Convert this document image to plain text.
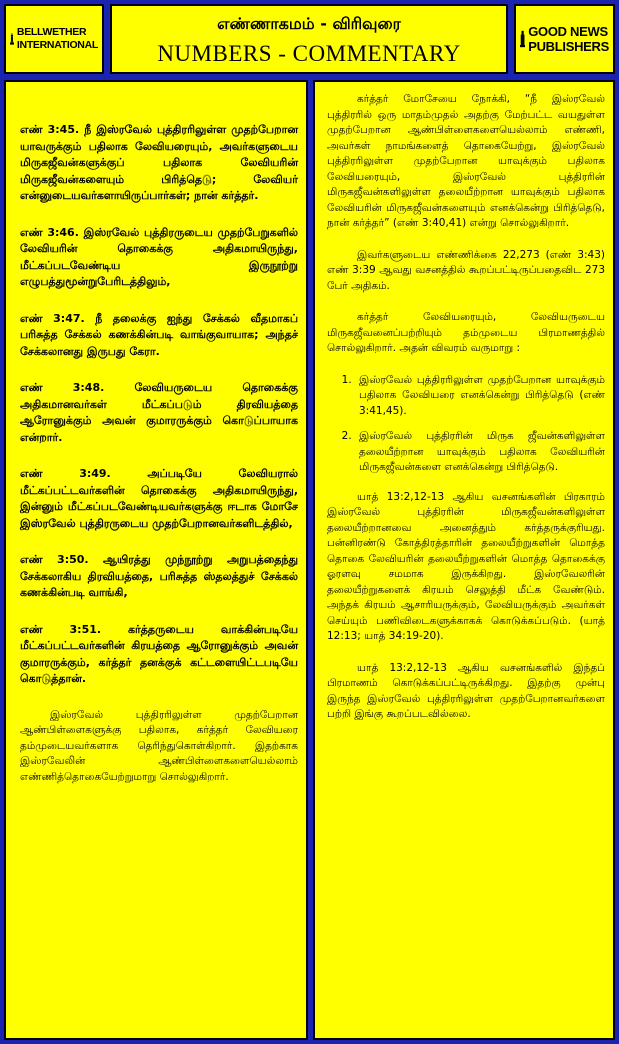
BELLWETHER
INTERNATIONAL
எண்ணாகமம் - விரிவுரை
NUMBERS - COMMENTARY
GOOD NEWS
PUBLISHERS

எண் 3:45. நீ இஸ்ரவேல் புத்திரரிலுள்ள முதற்பேறான யாவருக்கும் பதிலாக லேவியரையும், அவர்களுடைய மிருகஜீவன்களுக்குப் பதிலாக லேவியரின் மிருகஜீவன்களையும் பிரித்தெடு; லேவியர் என்னுடையவர்களாயிருப்பார்கள்; நான் கர்த்தர்.

எண் 3:46. இஸ்ரவேல் புத்திரருடைய முதற்பேறுகளில் லேவியரின் தொகைக்கு அதிகமாயிருந்து, மீட்கப்படவேண்டிய இருநூற்று எழுபத்துமூன்றுபேரிடத்திலும்,

எண் 3:47. நீ தலைக்கு ஐந்து சேக்கல் வீதமாகப் பரிசுத்த சேக்கல் கணக்கின்படி வாங்குவாயாக; அந்தச் சேக்கலானது இருபது கேரா.

எண் 3:48. லேவியருடைய தொகைக்கு அதிகமானவர்கள் மீட்கப்படும் திரவியத்தை ஆரோனுக்கும் அவன் குமாரருக்கும் கொடுப்பாயாக என்றார்.

எண் 3:49. அப்படியே லேவியரால் மீட்கப்பட்டவர்களின் தொகைக்கு அதிகமாயிருந்து, இன்னும் மீட்கப்படவேண்டியவர்களுக்கு ஈடாக மோசே இஸ்ரவேல் புத்திரருடைய முதற்பேறானவர்களிடத்தில்,

எண் 3:50. ஆயிரத்து முந்நூற்று அறுபத்தைந்து சேக்கலாகிய திரவியத்தை, பரிசுத்த ஸ்தலத்துச் சேக்கல் கணக்கின்படி வாங்கி,

எண் 3:51. கர்த்தருடைய வாக்கின்படியே மீட்கப்பட்டவர்களின் கிரயத்தை ஆரோனுக்கும் அவன் குமாரருக்கும், கர்த்தர் தனக்குக் கட்டளையிட்டபடியே கொடுத்தான்.

இஸ்ரவேல் புத்திரரிலுள்ள முதற்பேறான ஆண்பிள்ளைகளுக்கு பதிலாக, கர்த்தர் லேவியரை தம்முடையவர்களாக தெரிந்துகொள்கிறார். இதற்காக இஸ்ரவேலின் ஆண்பிள்ளைகளையெல்லாம் எண்ணித்தொகையேற்றுமாறு சொல்லுகிறார்.

கர்த்தர் மோசேயை நோக்கி, “நீ இஸ்ரவேல் புத்திரரில் ஒரு மாதம்முதல் அதற்கு மேற்பட்ட வயதுள்ள முதற்பேறான ஆண்பிள்ளைகளையெல்லாம் எண்ணி, அவர்கள் நாமங்களைத் தொகையேற்று, இஸ்ரவேல் புத்திரரிலுள்ள முதற்பேறான யாவுக்கும் பதிலாக லேவியரையும், இஸ்ரவேல் புத்திரரின் மிருகஜீவன்களிலுள்ள தலையீற்றான யாவுக்கும் பதிலாக லேவியரின் மிருகஜீவன்களையும் எனக்கென்று பிரித்தெடு, நான் கர்த்தர்” (எண் 3:40,41) என்று சொல்லுகிறார்.

இவர்களுடைய எண்ணிக்கை 22,273 (எண் 3:43) எண் 3:39 ஆவது வசனத்தில் கூறப்பட்டிருப்பதைவிட 273 பேர் அதிகம்.

கர்த்தர் லேவியரையும், லேவியருடைய மிருகஜீவனைப்பற்றியும் தம்முடைய பிரமாணத்தில் சொல்லுகிறார். அதன் விவரம் வருமாறு :

1. இஸ்ரவேல் புத்திரரிலுள்ள முதற்பேறான யாவுக்கும் பதிலாக லேவியரை எனக்கென்று பிரித்தெடு (எண் 3:41,45).
2. இஸ்ரவேல் புத்திரரின் மிருக ஜீவன்களிலுள்ள தலையீற்றான யாவுக்கும் பதிலாக லேவியரின் மிருகஜீவன்களை எனக்கென்று பிரித்தெடு.

யாத் 13:2,12-13 ஆகிய வசனங்களின் பிரகாரம் இஸ்ரவேல் புத்திரரின் மிருகஜீவன்களிலுள்ள தலையீற்றானவை அனைத்தும் கர்த்தருக்குரியது. பன்னிரண்டு கோத்திரத்தாரின் தலையீற்றுகளின் மொத்த தொகை லேவியரின் தலையீற்றுகளின் மொத்த தொகைக்கு ஓரளவு சமமாக இருக்கிறது. இஸ்ரவேலரின் தலையீற்றுகளைக் கிரயம் செலுத்தி மீட்க வேண்டும். அந்தக் கிரயம் ஆசாரியருக்கும், லேவியருக்கும் அவர்கள் செய்யும் பணிவிடைகளுக்காகக் கொடுக்கப்படும். (யாத் 12:13; யாத் 34:19-20).

யாத் 13:2,12-13 ஆகிய வசனங்களில் இந்தப் பிரமாணம் கொடுக்கப்பட்டிருக்கிறது. இதற்கு முன்பு இருந்த இஸ்ரவேல் புத்திரரிலுள்ள முதற்பேறானவர்களை பற்றி இங்கு கூறப்படவில்லை.
